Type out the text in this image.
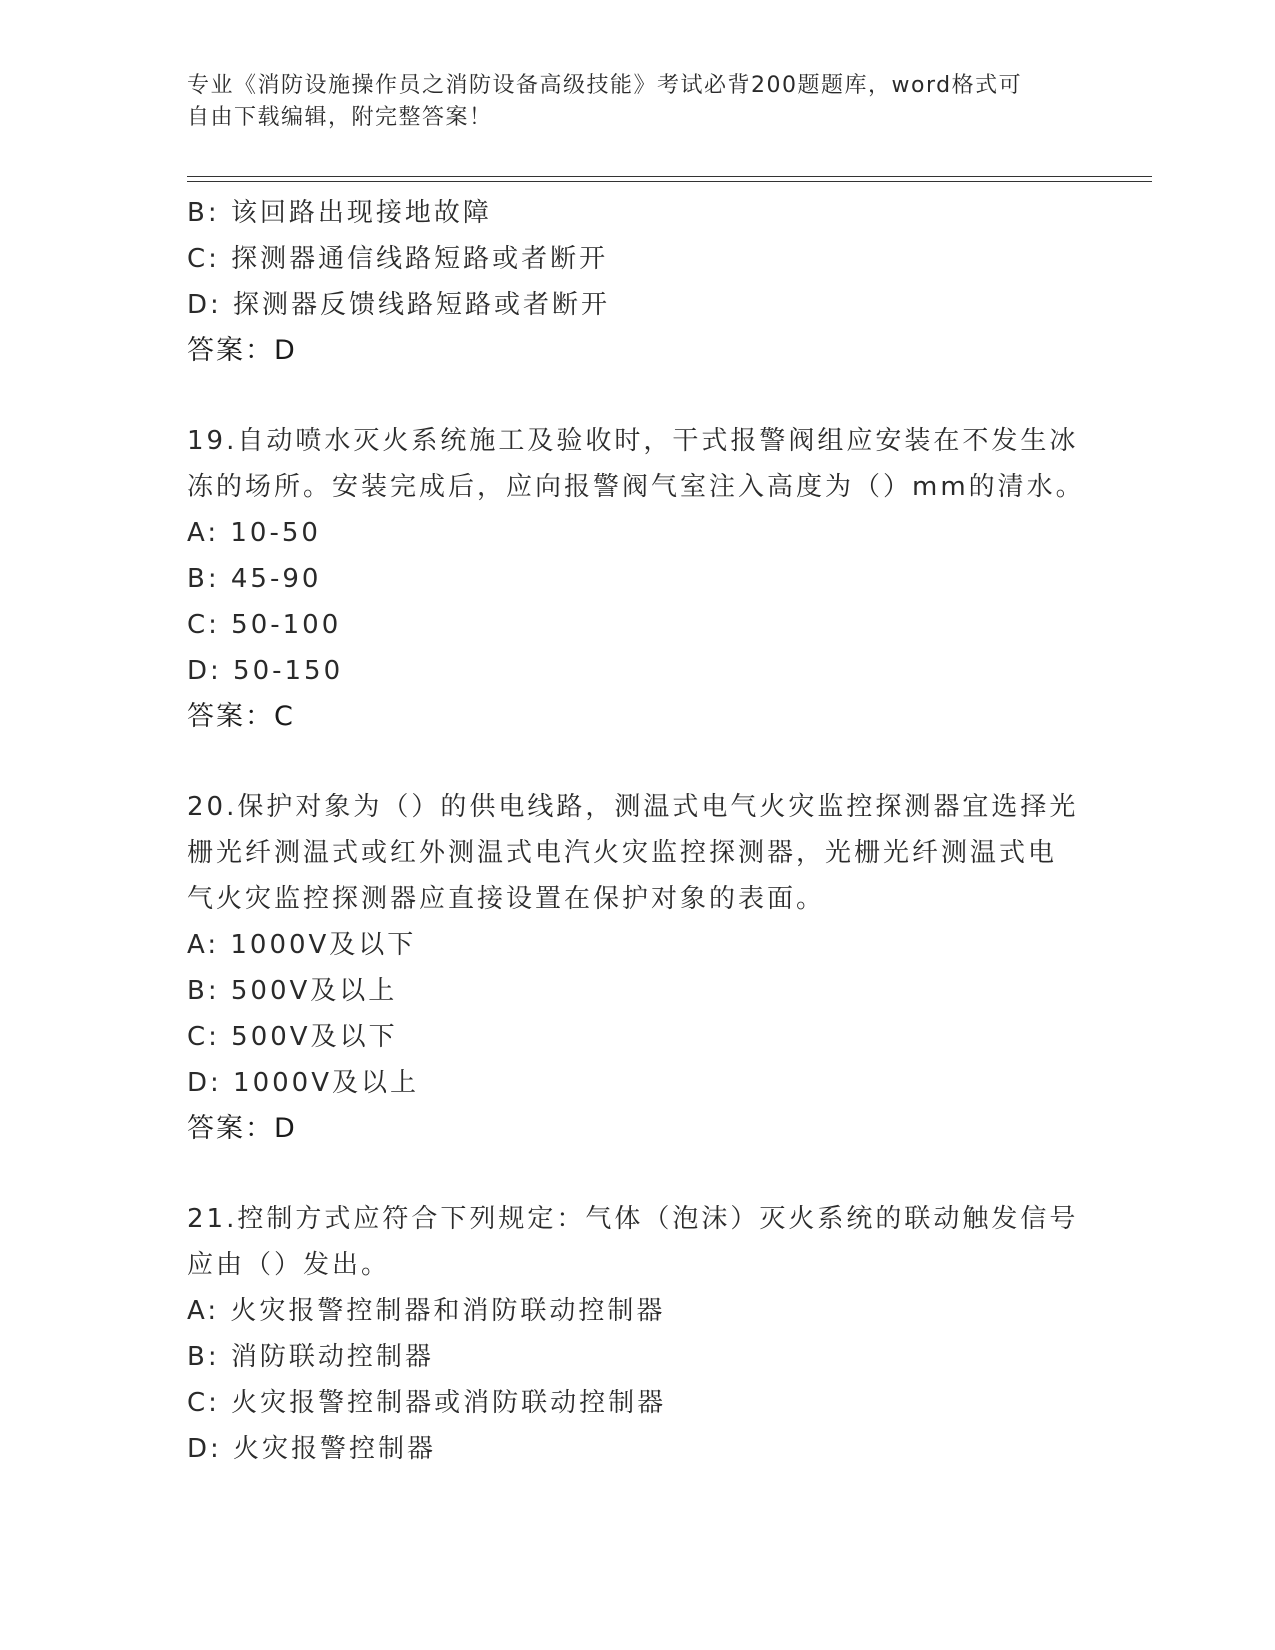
专业《消防设施操作员之消防设备高级技能》考试必背200题题库，word格式可
自由下载编辑，附完整答案！
B: 该回路出现接地故障
C: 探测器通信线路短路或者断开
D: 探测器反馈线路短路或者断开
答案：D
19.自动喷水灭火系统施工及验收时，干式报警阀组应安装在不发生冰
冻的场所。安装完成后，应向报警阀气室注入高度为（）mm的清水。
A: 10-50
B: 45-90
C: 50-100
D: 50-150
答案：C
20.保护对象为（）的供电线路，测温式电气火灾监控探测器宜选择光
栅光纤测温式或红外测温式电汽火灾监控探测器，光栅光纤测温式电
气火灾监控探测器应直接设置在保护对象的表面。
A: 1000V及以下
B: 500V及以上
C: 500V及以下
D: 1000V及以上
答案：D
21.控制方式应符合下列规定：气体（泡沫）灭火系统的联动触发信号
应由（）发出。
A: 火灾报警控制器和消防联动控制器
B: 消防联动控制器
C: 火灾报警控制器或消防联动控制器
D: 火灾报警控制器
